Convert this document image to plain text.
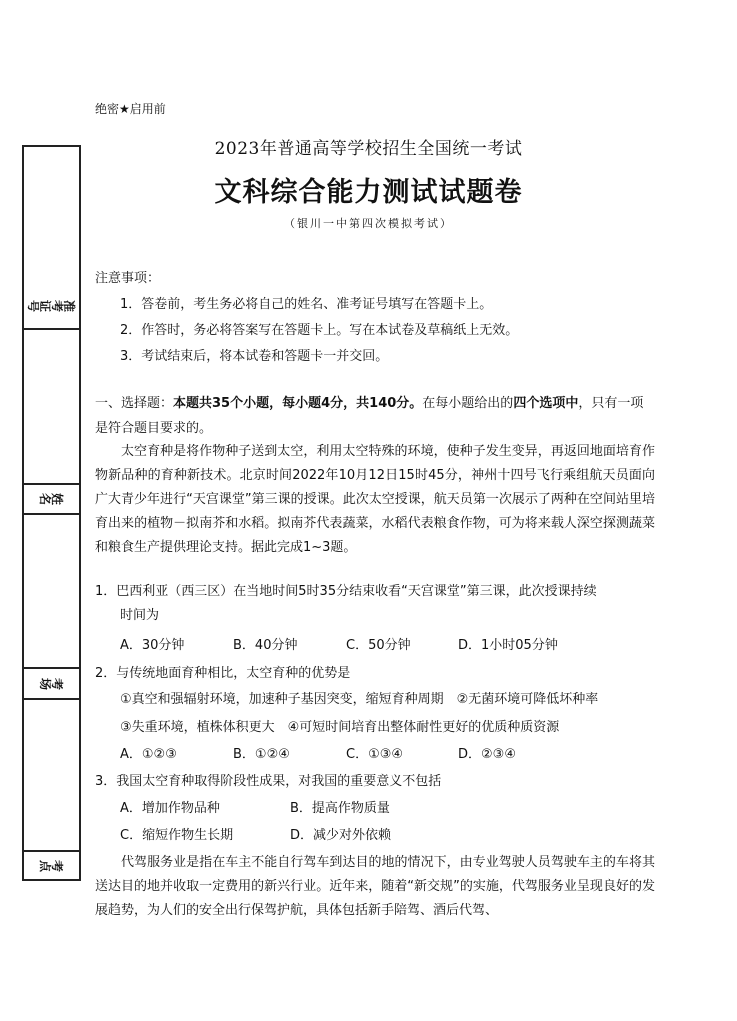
绝密★启用前
2023年普通高等学校招生全国统一考试
文科综合能力测试试题卷
（银川一中第四次模拟考试）
准考证号
姓名
考场
考点
注意事项：
1．答卷前，考生务必将自己的姓名、准考证号填写在答题卡上。
2．作答时，务必将答案写在答题卡上。写在本试卷及草稿纸上无效。
3．考试结束后，将本试卷和答题卡一并交回。
一、选择题：本题共35个小题，每小题4分，共140分。在每小题给出的四个选项中，只有一项是符合题目要求的。
太空育种是将作物种子送到太空，利用太空特殊的环境，使种子发生变异，再返回地面培育作物新品种的育种新技术。北京时间2022年10月12日15时45分，神州十四号飞行乘组航天员面向广大青少年进行“天宫课堂”第三课的授课。此次太空授课，航天员第一次展示了两种在空间站里培育出来的植物－拟南芥和水稻。拟南芥代表蔬菜，水稻代表粮食作物，可为将来载人深空探测蔬菜和粮食生产提供理论支持。据此完成1~3题。
1．巴西利亚（西三区）在当地时间5时35分结束收看“天宫课堂”第三课，此次授课持续
时间为
A．30分钟	B．40分钟	C．50分钟	D．1小时05分钟
2．与传统地面育种相比，太空育种的优势是
①真空和强辐射环境，加速种子基因突变，缩短育种周期　②无菌环境可降低坏种率
③失重环境，植株体积更大　④可短时间培育出整体耐性更好的优质种质资源
A．①②③	B．①②④	C．①③④	D．②③④
3．我国太空育种取得阶段性成果，对我国的重要意义不包括
A．增加作物品种	B．提高作物质量
C．缩短作物生长期	D．减少对外依赖
代驾服务业是指在车主不能自行驾车到达目的地的情况下，由专业驾驶人员驾驶车主的车将其送达目的地并收取一定费用的新兴行业。近年来，随着“新交规”的实施，代驾服务业呈现良好的发展趋势，为人们的安全出行保驾护航，具体包括新手陪驾、酒后代驾、
